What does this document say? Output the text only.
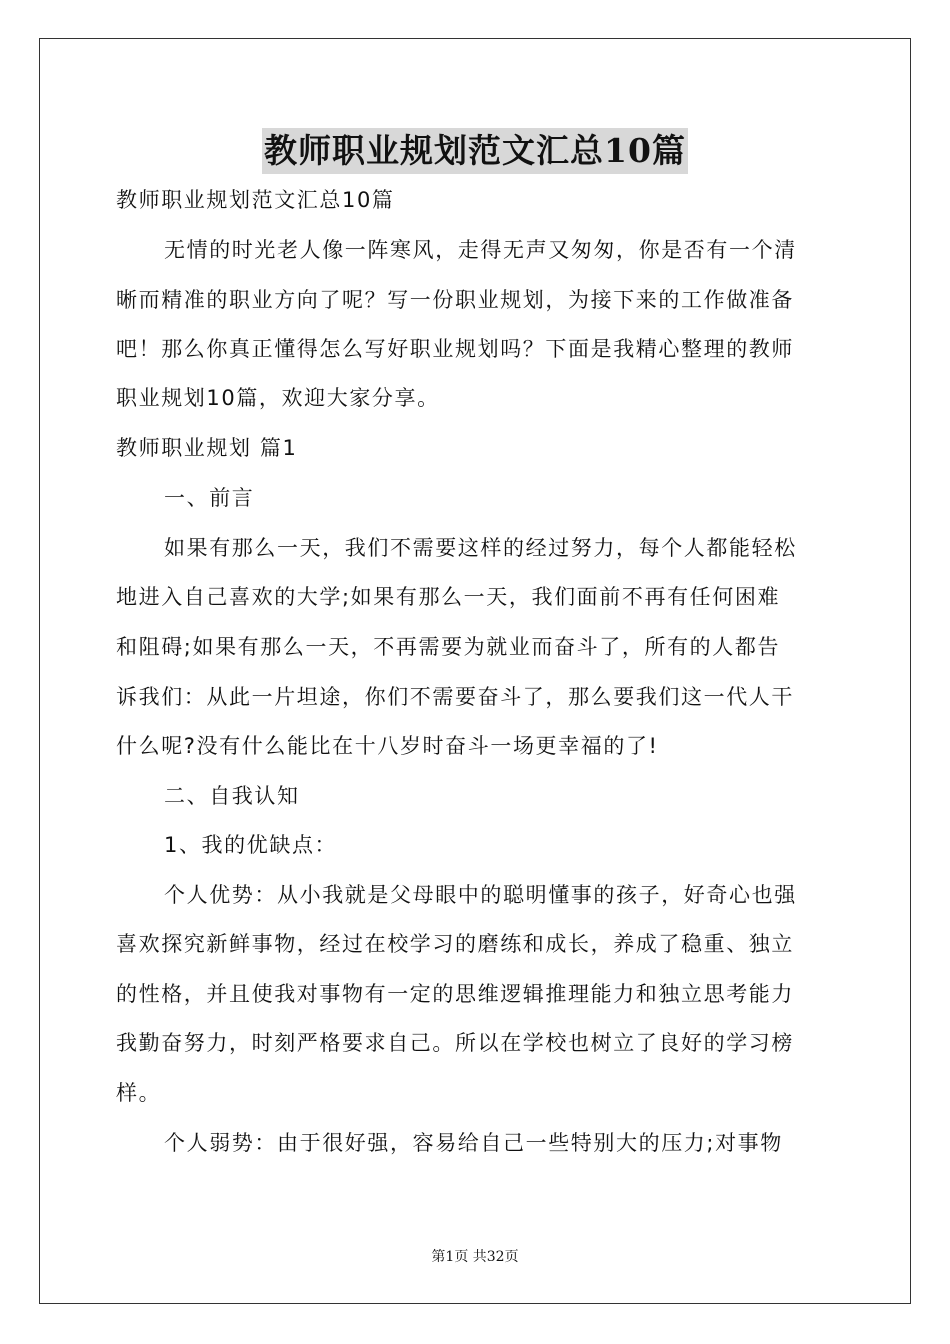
教师职业规划范文汇总10篇
教师职业规划范文汇总10篇
无情的时光老人像一阵寒风，走得无声又匆匆，你是否有一个清
晰而精准的职业方向了呢？写一份职业规划，为接下来的工作做准备
吧！那么你真正懂得怎么写好职业规划吗？下面是我精心整理的教师
职业规划10篇，欢迎大家分享。
教师职业规划 篇1
一、前言
如果有那么一天，我们不需要这样的经过努力，每个人都能轻松
地进入自己喜欢的大学;如果有那么一天，我们面前不再有任何困难
和阻碍;如果有那么一天，不再需要为就业而奋斗了，所有的人都告
诉我们：从此一片坦途，你们不需要奋斗了，那么要我们这一代人干
什么呢?没有什么能比在十八岁时奋斗一场更幸福的了!
二、自我认知
1、我的优缺点：
个人优势：从小我就是父母眼中的聪明懂事的孩子，好奇心也强
喜欢探究新鲜事物，经过在校学习的磨练和成长，养成了稳重、独立
的性格，并且使我对事物有一定的思维逻辑推理能力和独立思考能力
我勤奋努力，时刻严格要求自己。所以在学校也树立了良好的学习榜
样。
个人弱势：由于很好强，容易给自己一些特别大的压力;对事物
第1页 共32页
